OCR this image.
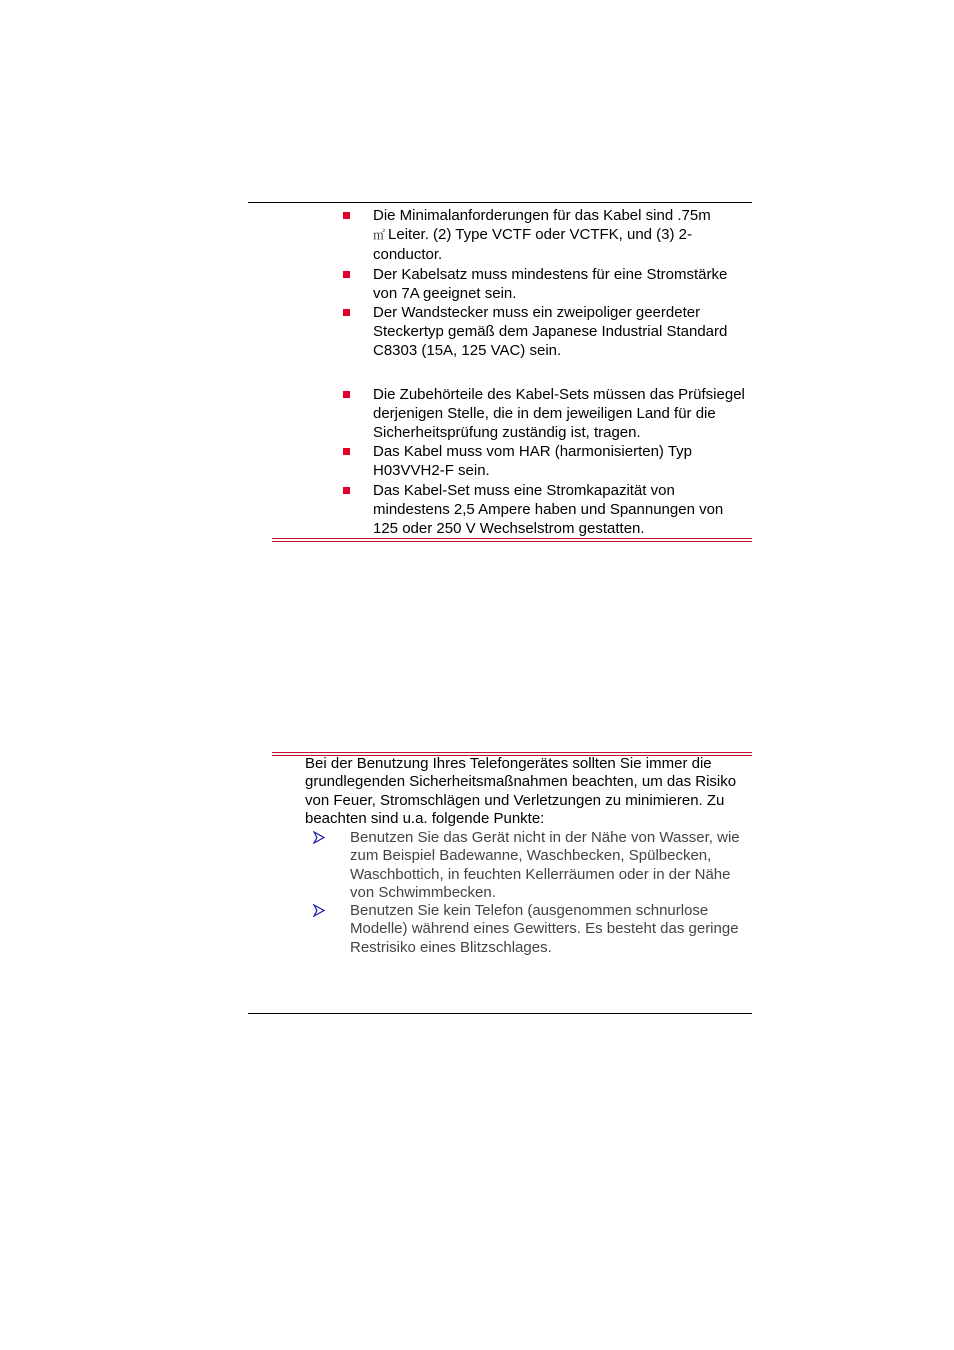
Die Minimalanforderungen für das Kabel sind .75m
㎡ Leiter. (2) Type VCTF oder VCTFK, und (3) 2-conductor.
Der Kabelsatz muss mindestens für eine Stromstärke von 7A geeignet sein.
Der Wandstecker muss ein zweipoliger geerdeter Steckertyp gemäß dem Japanese Industrial Standard C8303 (15A, 125 VAC) sein.
Die Zubehörteile des Kabel-Sets müssen das Prüfsiegel derjenigen Stelle, die in dem jeweiligen Land für die Sicherheitsprüfung zuständig ist, tragen.
Das Kabel muss vom HAR (harmonisierten) Typ H03VVH2-F sein.
Das Kabel-Set muss eine Stromkapazität von mindestens 2,5 Ampere haben und Spannungen von 125 oder 250 V Wechselstrom gestatten.

Bei der Benutzung Ihres Telefongerätes sollten Sie immer die grundlegenden Sicherheitsmaßnahmen beachten, um das Risiko von Feuer, Stromschlägen und Verletzungen zu minimieren. Zu beachten sind u.a. folgende Punkte:

Benutzen Sie das Gerät nicht in der Nähe von Wasser, wie zum Beispiel Badewanne, Waschbecken, Spülbecken, Waschbottich, in feuchten Kellerräumen oder in der Nähe von Schwimmbecken.
Benutzen Sie kein Telefon (ausgenommen schnurlose Modelle) während eines Gewitters. Es besteht das geringe Restrisiko eines Blitzschlages.
